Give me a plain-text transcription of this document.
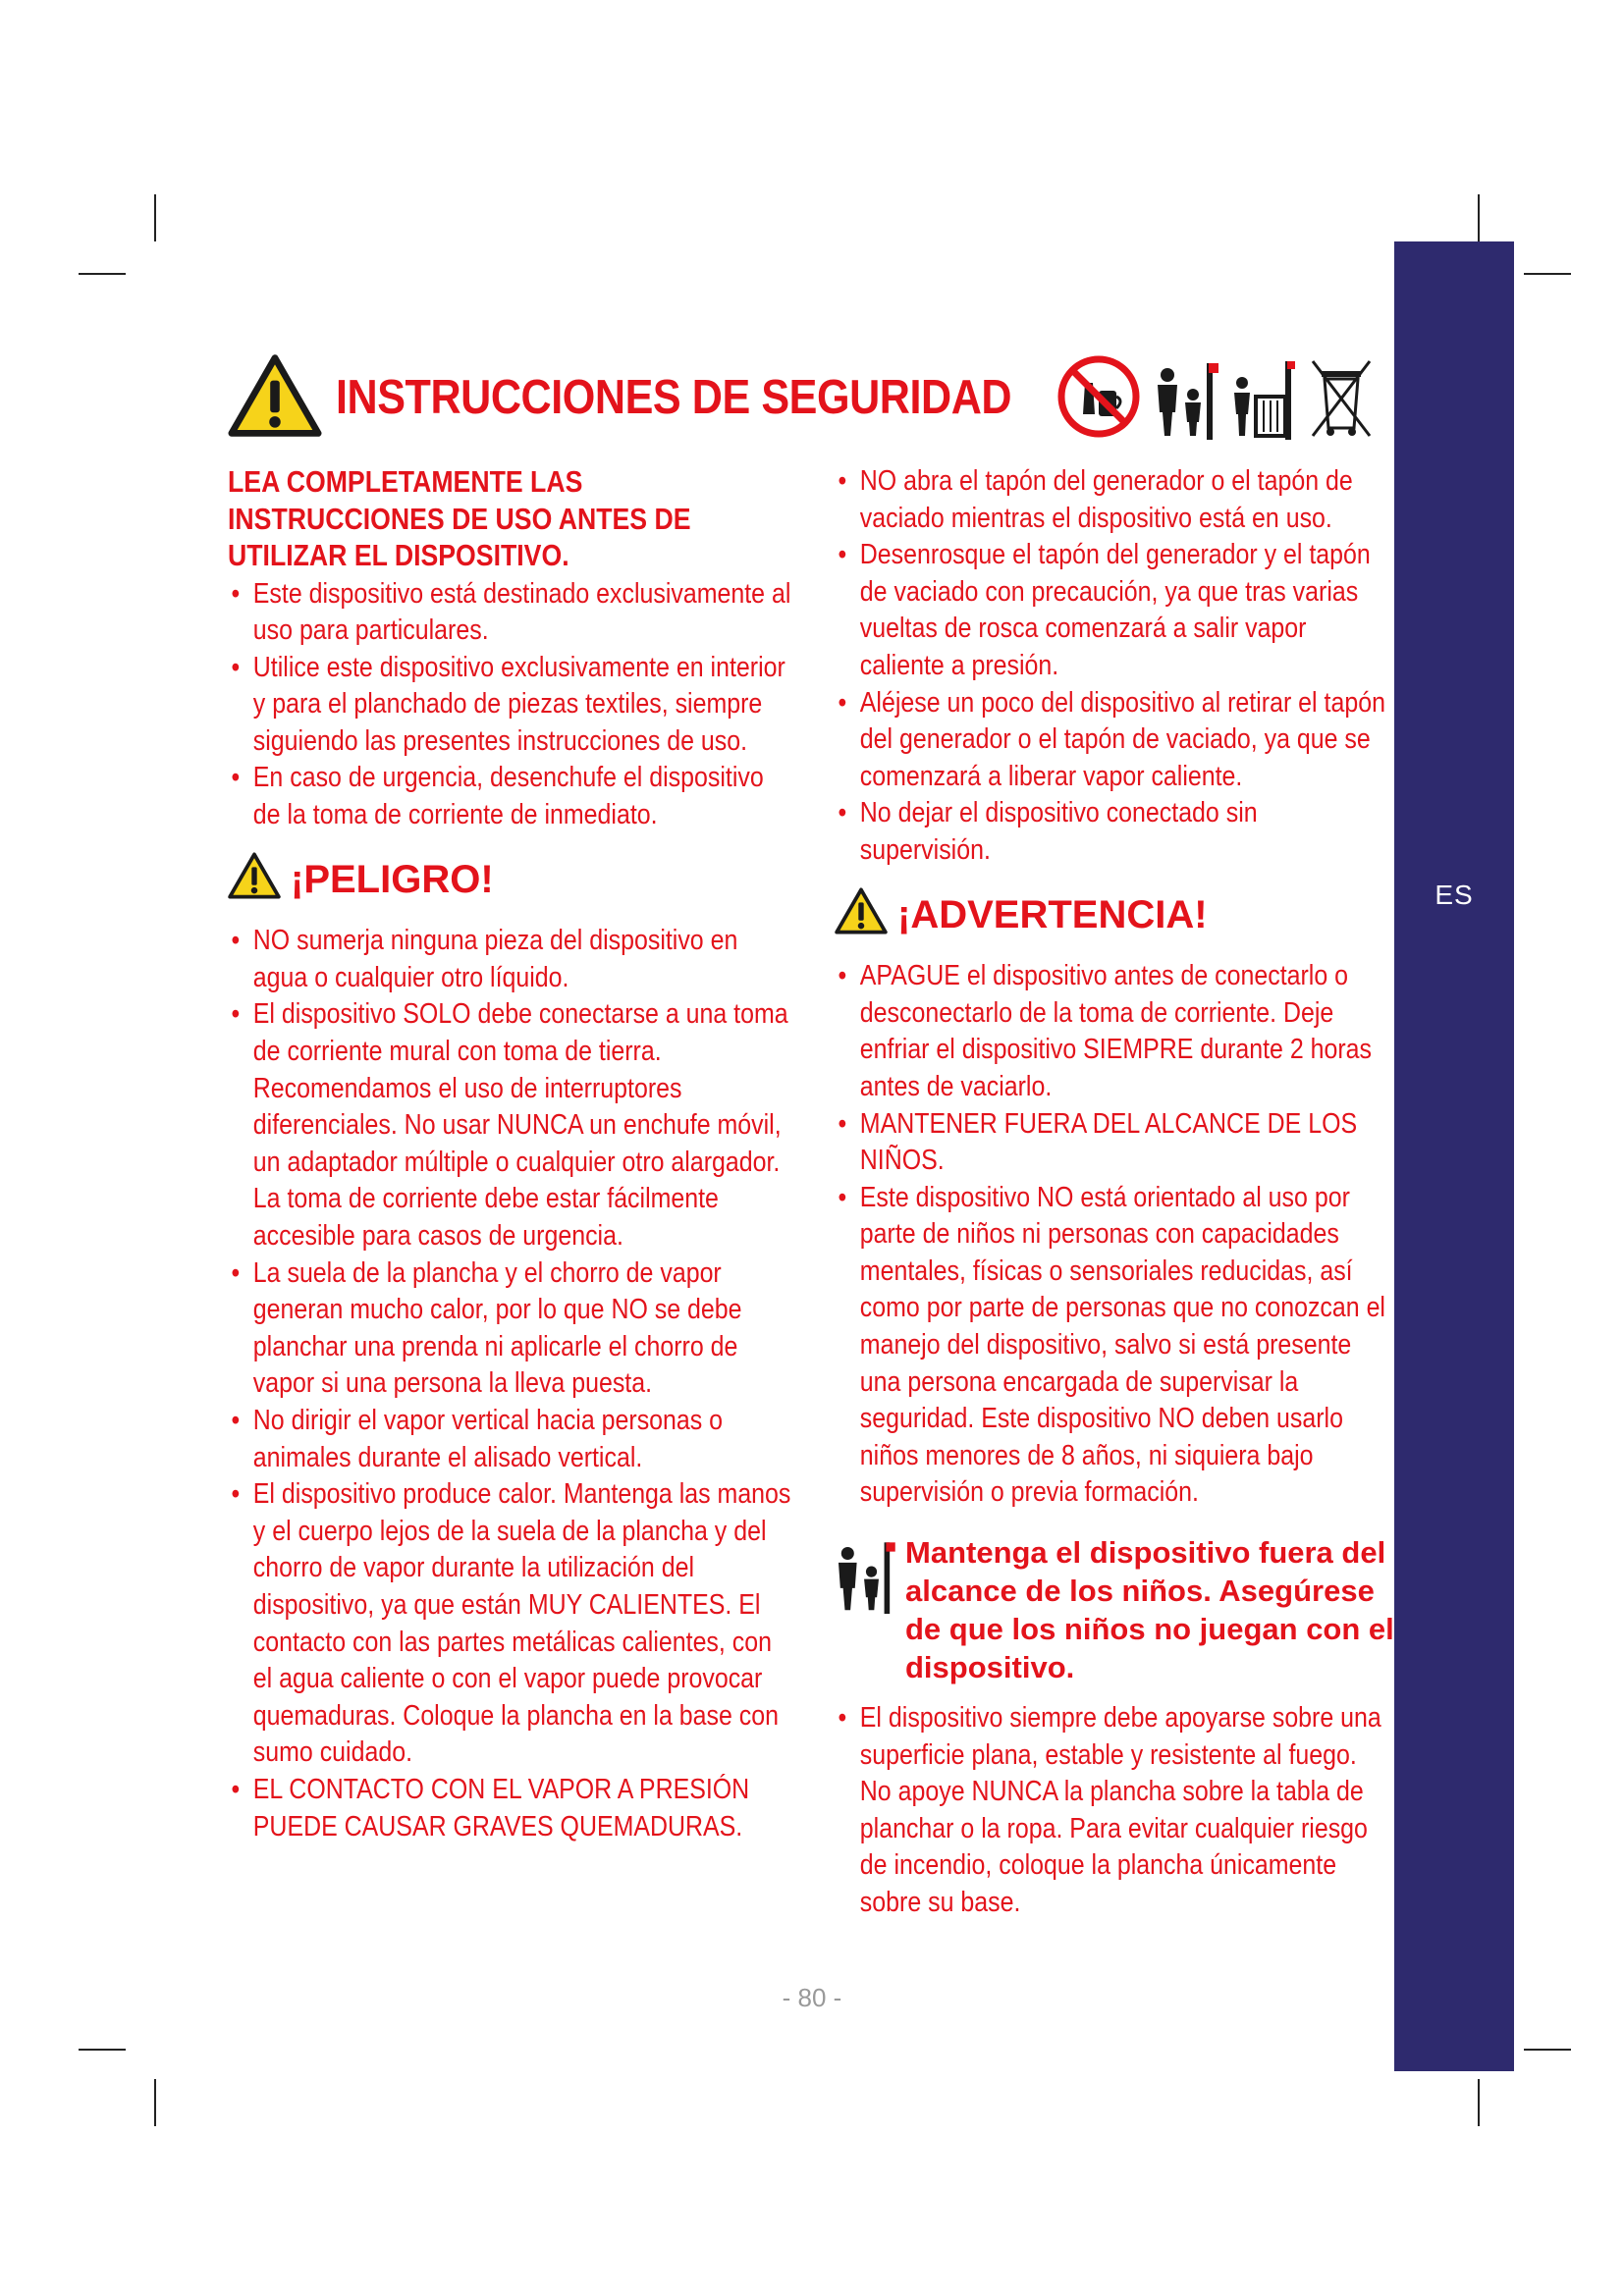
ES
INSTRUCCIONES DE SEGURIDAD

LEA COMPLETAMENTE LAS INSTRUCCIONES DE USO ANTES DE UTILIZAR EL DISPOSITIVO.

• Este dispositivo está destinado exclusivamente al uso para particulares.
• Utilice este dispositivo exclusivamente en interior y para el planchado de piezas textiles, siempre siguiendo las presentes instrucciones de uso.
• En caso de urgencia, desenchufe el dispositivo de la toma de corriente de inmediato.
¡PELIGRO!
• NO sumerja ninguna pieza del dispositivo en agua o cualquier otro líquido.
• El dispositivo SOLO debe conectarse a una toma de corriente mural con toma de tierra. Recomendamos el uso de interruptores diferenciales. No usar NUNCA un enchufe móvil, un adaptador múltiple o cualquier otro alargador. La toma de corriente debe estar fácilmente accesible para casos de urgencia.
• La suela de la plancha y el chorro de vapor generan mucho calor, por lo que NO se debe planchar una prenda ni aplicarle el chorro de vapor si una persona la lleva puesta.
• No dirigir el vapor vertical hacia personas o animales durante el alisado vertical.
• El dispositivo produce calor. Mantenga las manos y el cuerpo lejos de la suela de la plancha y del chorro de vapor durante la utilización del dispositivo, ya que están MUY CALIENTES. El contacto con las partes metálicas calientes, con el agua caliente o con el vapor puede provocar quemaduras. Coloque la plancha en la base con sumo cuidado.
• EL CONTACTO CON EL VAPOR A PRESIÓN PUEDE CAUSAR GRAVES QUEMADURAS.
• NO abra el tapón del generador o el tapón de vaciado mientras el dispositivo está en uso.
• Desenrosque el tapón del generador y el tapón de vaciado con precaución, ya que tras varias vueltas de rosca comenzará a salir vapor caliente a presión.
• Aléjese un poco del dispositivo al retirar el tapón del generador o el tapón de vaciado, ya que se comenzará a liberar vapor caliente.
• No dejar el dispositivo conectado sin supervisión.
¡ADVERTENCIA!
• APAGUE el dispositivo antes de conectarlo o desconectarlo de la toma de corriente. Deje enfriar el dispositivo SIEMPRE durante 2 horas antes de vaciarlo.
• MANTENER FUERA DEL ALCANCE DE LOS NIÑOS.
• Este dispositivo NO está orientado al uso por parte de niños ni personas con capacidades mentales, físicas o sensoriales reducidas, así como por parte de personas que no conozcan el manejo del dispositivo, salvo si está presente una persona encargada de supervisar la seguridad. Este dispositivo NO deben usarlo niños menores de 8 años, ni siquiera bajo supervisión o previa formación.
Mantenga el dispositivo fuera del alcance de los niños. Asegúrese de que los niños no juegan con el dispositivo.
• El dispositivo siempre debe apoyarse sobre una superficie plana, estable y resistente al fuego. No apoye NUNCA la plancha sobre la tabla de planchar o la ropa. Para evitar cualquier riesgo de incendio, coloque la plancha únicamente sobre su base.
- 80 -
